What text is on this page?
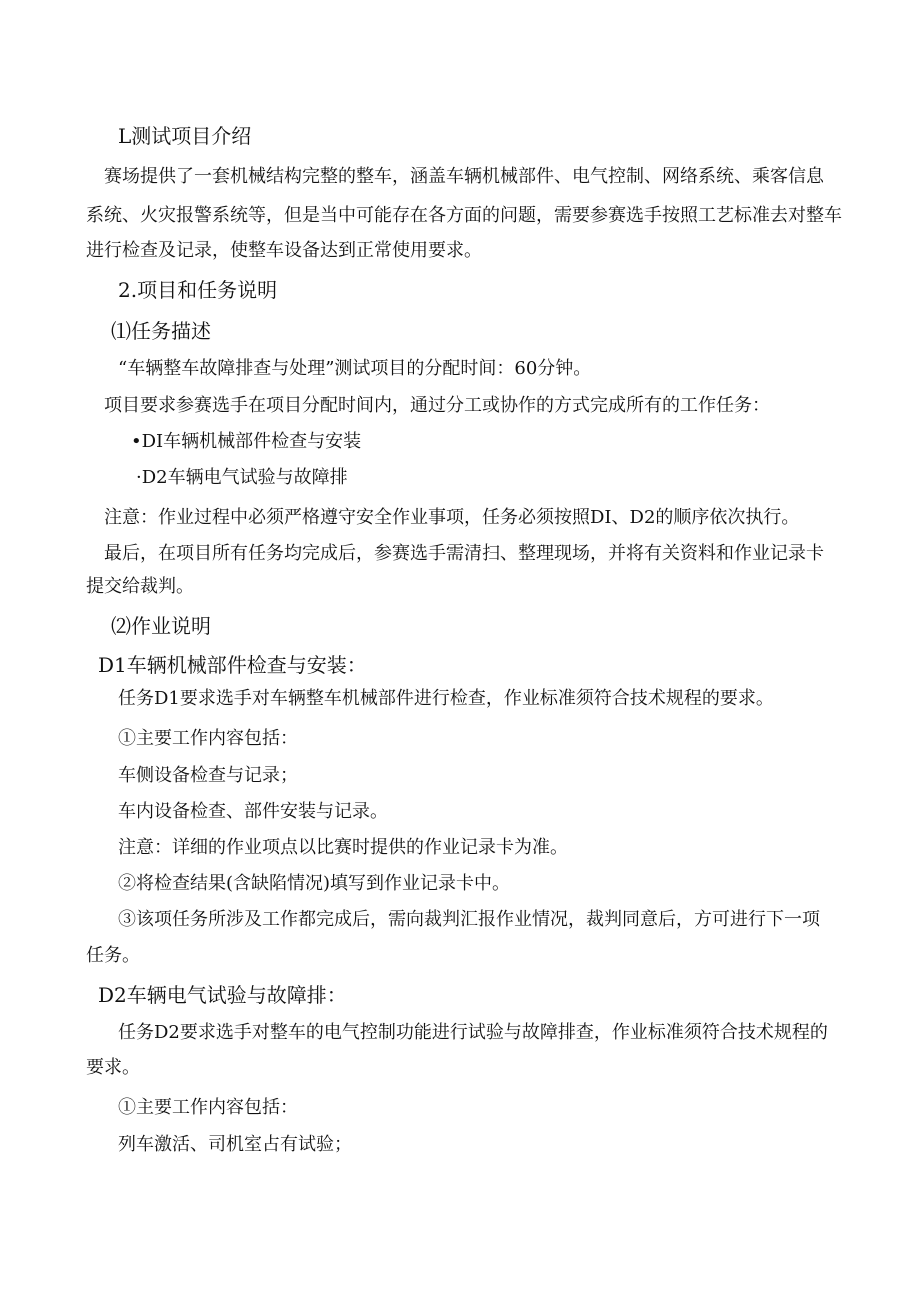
L测试项目介绍
赛场提供了一套机械结构完整的整车，涵盖车辆机械部件、电气控制、网络系统、乘客信息
系统、火灾报警系统等，但是当中可能存在各方面的问题，需要参赛选手按照工艺标准去对整车
进行检查及记录，使整车设备达到正常使用要求。
2.项目和任务说明
⑴任务描述
“车辆整车故障排查与处理”测试项目的分配时间：60分钟。
项目要求参赛选手在项目分配时间内，通过分工或协作的方式完成所有的工作任务：
•DI车辆机械部件检查与安装
·D2车辆电气试验与故障排
注意：作业过程中必须严格遵守安全作业事项，任务必须按照DI、D2的顺序依次执行。
最后，在项目所有任务均完成后，参赛选手需清扫、整理现场，并将有关资料和作业记录卡
提交给裁判。
⑵作业说明
D1车辆机械部件检查与安装：
任务D1要求选手对车辆整车机械部件进行检查，作业标准须符合技术规程的要求。
①主要工作内容包括：
车侧设备检查与记录；
车内设备检查、部件安装与记录。
注意：详细的作业项点以比赛时提供的作业记录卡为准。
②将检查结果(含缺陷情况)填写到作业记录卡中。
③该项任务所涉及工作都完成后，需向裁判汇报作业情况，裁判同意后，方可进行下一项
任务。
D2车辆电气试验与故障排：
任务D2要求选手对整车的电气控制功能进行试验与故障排查，作业标准须符合技术规程的
要求。
①主要工作内容包括：
列车激活、司机室占有试验；
